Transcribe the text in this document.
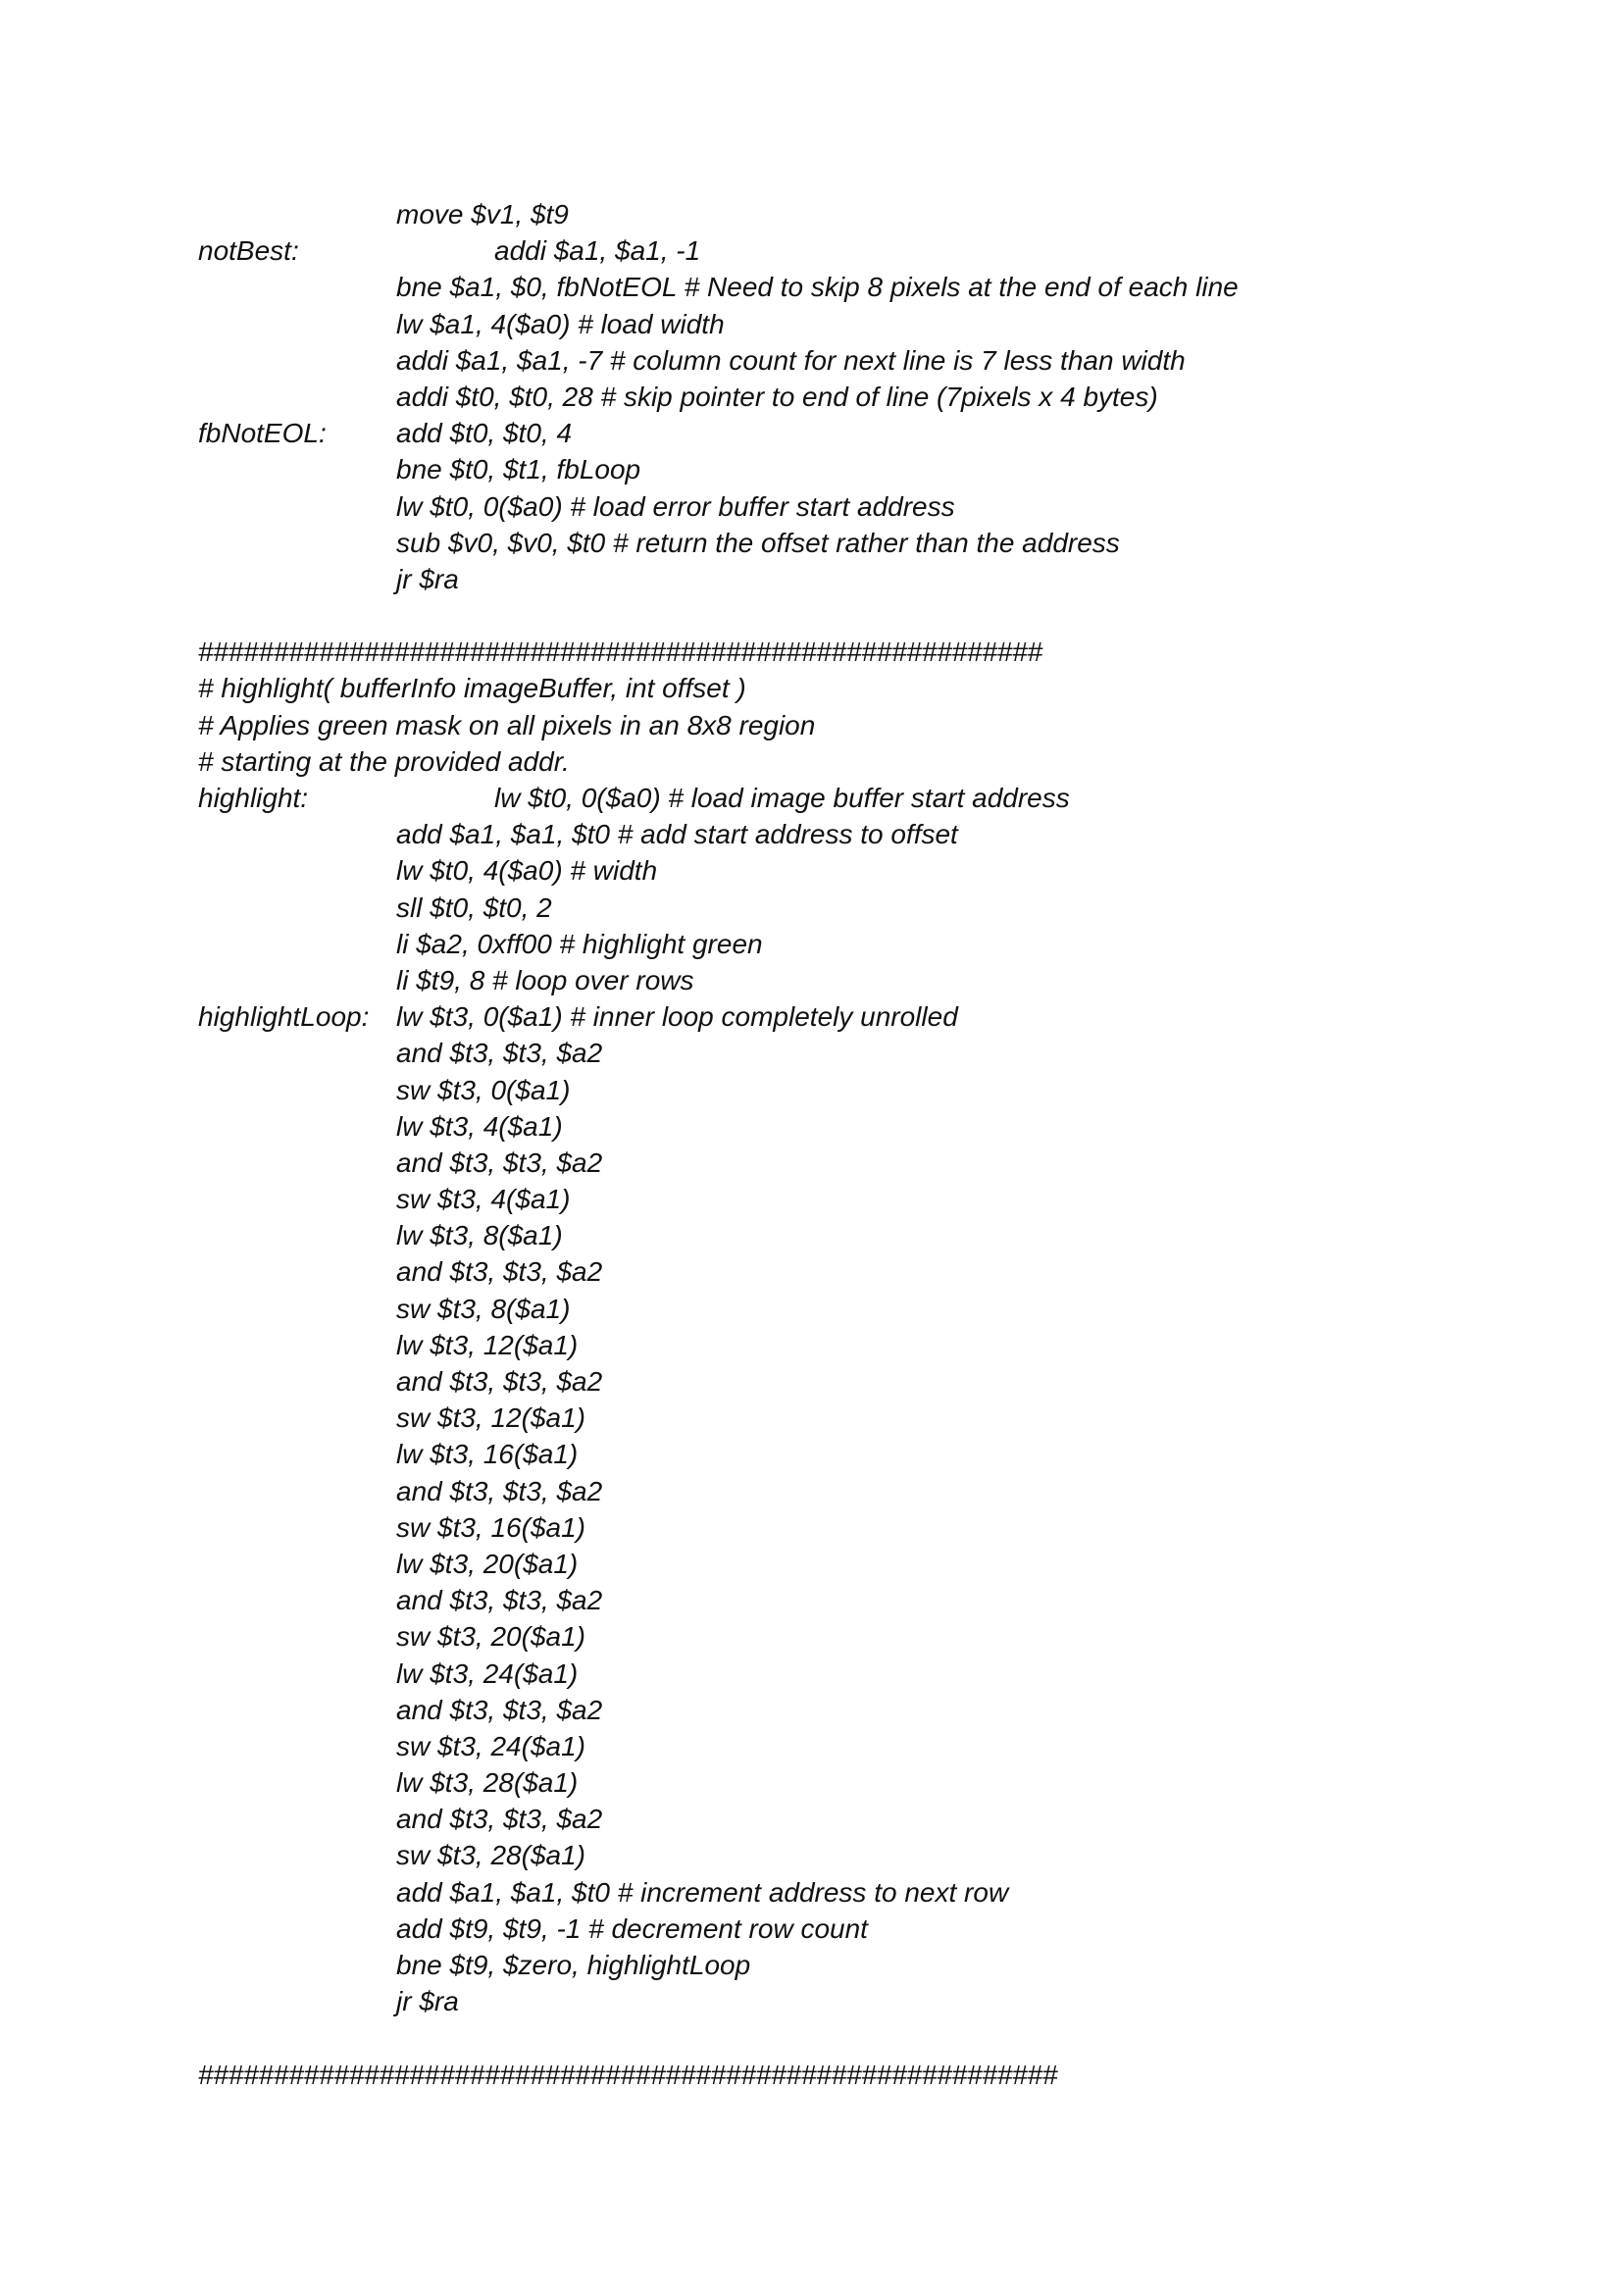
move $v1, $t9
notBest:	addi $a1, $a1, -1
bne $a1, $0, fbNotEOL # Need to skip 8 pixels at the end of each line
lw $a1, 4($a0) # load width
addi $a1, $a1, -7 # column count for next line is 7 less than width
addi $t0, $t0, 28 # skip pointer to end of line (7pixels x 4 bytes)
fbNotEOL:	add $t0, $t0, 4
bne $t0, $t1, fbLoop
lw $t0, 0($a0) # load error buffer start address
sub $v0, $v0, $t0 # return the offset rather than the address
jr $ra
########################################################
# highlight( bufferInfo imageBuffer, int offset )
# Applies green mask on all pixels in an 8x8 region
# starting at the provided addr.
highlight:	lw $t0, 0($a0) # load image buffer start address
add $a1, $a1, $t0 # add start address to offset
lw $t0, 4($a0) # width
sll $t0, $t0, 2
li $a2, 0xff00 # highlight green
li $t9, 8 # loop over rows
highlightLoop: lw $t3, 0($a1) # inner loop completely unrolled
and $t3, $t3, $a2
sw $t3, 0($a1)
lw $t3, 4($a1)
and $t3, $t3, $a2
sw $t3, 4($a1)
lw $t3, 8($a1)
and $t3, $t3, $a2
sw $t3, 8($a1)
lw $t3, 12($a1)
and $t3, $t3, $a2
sw $t3, 12($a1)
lw $t3, 16($a1)
and $t3, $t3, $a2
sw $t3, 16($a1)
lw $t3, 20($a1)
and $t3, $t3, $a2
sw $t3, 20($a1)
lw $t3, 24($a1)
and $t3, $t3, $a2
sw $t3, 24($a1)
lw $t3, 28($a1)
and $t3, $t3, $a2
sw $t3, 28($a1)
add $a1, $a1, $t0 # increment address to next row
add $t9, $t9, -1 # decrement row count
bne $t9, $zero, highlightLoop
jr $ra
#########################################################
